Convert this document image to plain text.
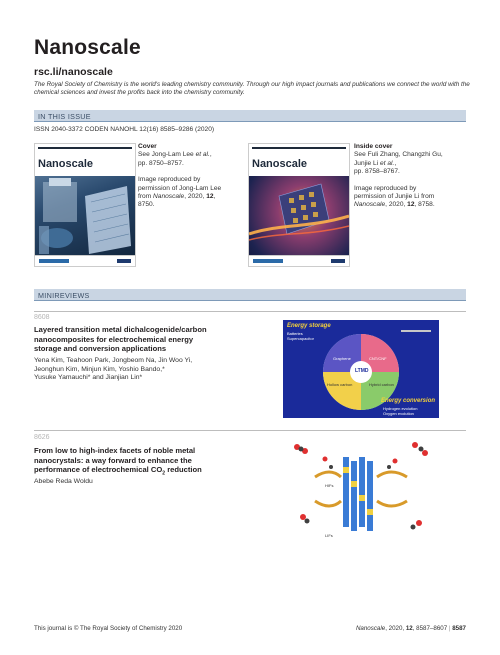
Nanoscale
rsc.li/nanoscale
The Royal Society of Chemistry is the world's leading chemistry community. Through our high impact journals and publications we connect the world with the chemical sciences and invest the profits back into the chemistry community.
IN THIS ISSUE
ISSN 2040-3372 CODEN NANOHL 12(16) 8585–9286 (2020)
Nanoscale
Cover
See Jong-Lam Lee et al.,
pp. 8750–8757.
Image reproduced by
permission of Jong-Lam Lee
from Nanoscale, 2020, 12,
8750.
Nanoscale
Inside cover
See Fuli Zhang, Changzhi Gu,
Junjie Li et al.,
pp. 8758–8767.
Image reproduced by
permission of Junjie Li from
Nanoscale, 2020, 12, 8758.
MINIREVIEWS
8608
Layered transition metal dichalcogenide/carbon
nanocomposites for electrochemical energy
storage and conversion applications
Yena Kim, Teahoon Park, Jongbeom Na, Jin Woo Yi,
Jeonghun Kim, Minjun Kim, Yoshio Bando,*
Yusuke Yamauchi* and Jianjian Lin*
Energy storage
Batteries
Supercapacitor
LTMD
Graphene	CNT/CNF
Hollow carbon	Hybrid carbon
Energy conversion
Hydrogen evolution
Oxygen evolution
8626
From low to high-index facets of noble metal
nanocrystals: a way forward to enhance the
performance of electrochemical $CO_2$ reduction
Abebe Reda Woldu
HIFs
LIFs
This journal is © The Royal Society of Chemistry 2020	Nanoscale, 2020, 12, 8587–8607 | 8587
